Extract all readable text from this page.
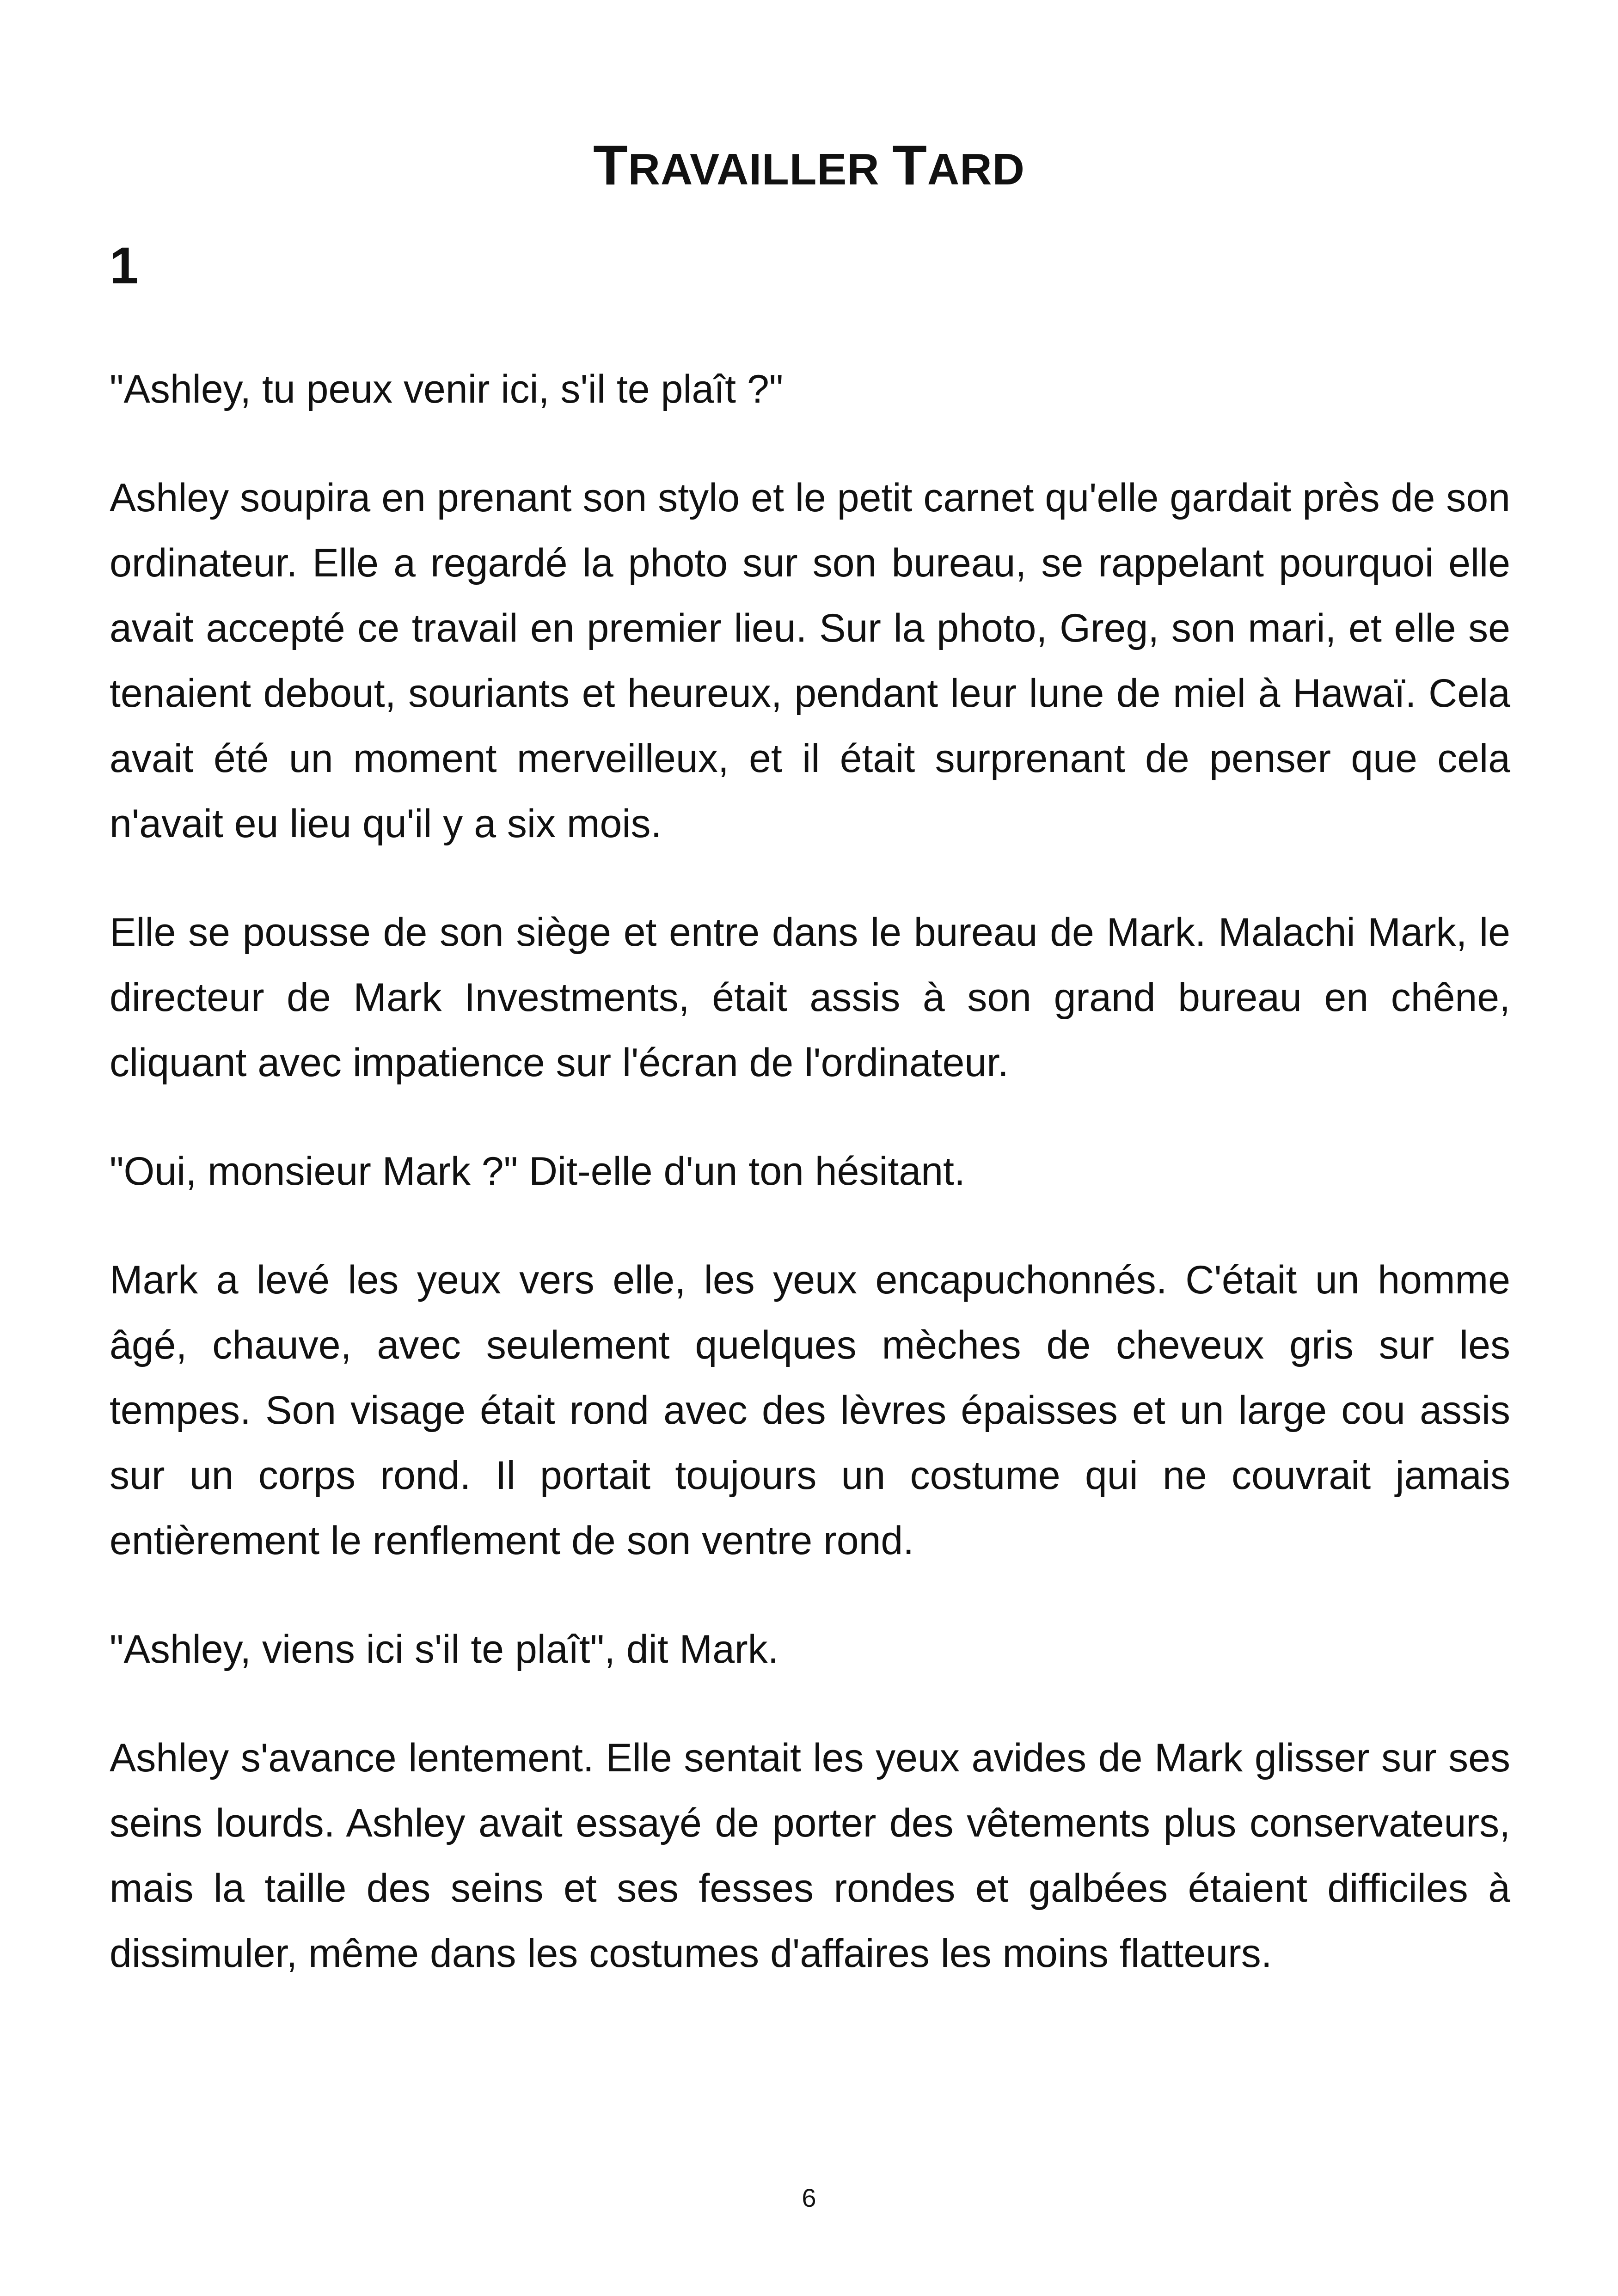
TRAVAILLER TARD
1

"Ashley, tu peux venir ici, s'il te plaît ?"

Ashley soupira en prenant son stylo et le petit carnet qu'elle gardait près de son ordinateur. Elle a regardé la photo sur son bureau, se rappelant pourquoi elle avait accepté ce travail en premier lieu. Sur la photo, Greg, son mari, et elle se tenaient debout, souriants et heureux, pendant leur lune de miel à Hawaï. Cela avait été un moment merveilleux, et il était surprenant de penser que cela n'avait eu lieu qu'il y a six mois.

Elle se pousse de son siège et entre dans le bureau de Mark. Malachi Mark, le directeur de Mark Investments, était assis à son grand bureau en chêne, cliquant avec impatience sur l'écran de l'ordinateur.

"Oui, monsieur Mark ?" Dit-elle d'un ton hésitant.

Mark a levé les yeux vers elle, les yeux encapuchonnés. C'était un homme âgé, chauve, avec seulement quelques mèches de cheveux gris sur les tempes. Son visage était rond avec des lèvres épaisses et un large cou assis sur un corps rond. Il portait toujours un costume qui ne couvrait jamais entièrement le renflement de son ventre rond.

"Ashley, viens ici s'il te plaît", dit Mark.

Ashley s'avance lentement. Elle sentait les yeux avides de Mark glisser sur ses seins lourds. Ashley avait essayé de porter des vêtements plus conservateurs, mais la taille des seins et ses fesses rondes et galbées étaient difficiles à dissimuler, même dans les costumes d'affaires les moins flatteurs.

6
